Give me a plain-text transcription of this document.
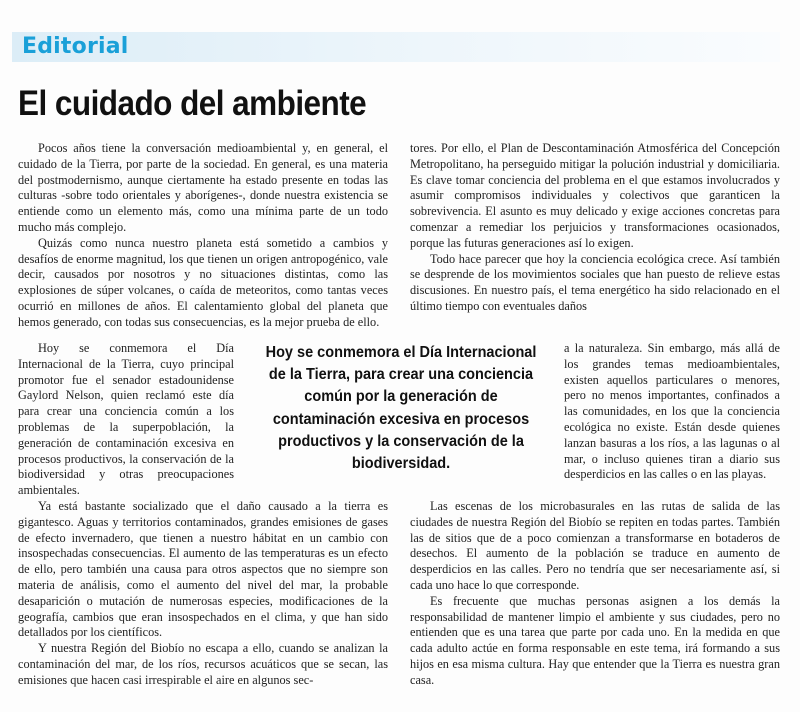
Editorial
El cuidado del ambiente

Pocos años tiene la conversación medioambiental y, en general, el cuidado de la Tierra, por parte de la sociedad. En general, es una materia del postmodernismo, aunque ciertamente ha estado presente en todas las culturas -sobre todo orientales y aborígenes-, donde nuestra existencia se entiende como un elemento más, como una mínima parte de un todo mucho más complejo.

Quizás como nunca nuestro planeta está sometido a cambios y desafíos de enorme magnitud, los que tienen un origen antropogénico, vale decir, causados por nosotros y no situaciones distintas, como las explosiones de súper volcanes, o caída de meteoritos, como tantas veces ocurrió en millones de años. El calentamiento global del planeta que hemos generado, con todas sus consecuencias, es la mejor prueba de ello.

tores. Por ello, el Plan de Descontaminación Atmosférica del Concepción Metropolitano, ha perseguido mitigar la polución industrial y domiciliaria. Es clave tomar conciencia del problema en el que estamos involucrados y asumir compromisos individuales y colectivos que garanticen la sobrevivencia. El asunto es muy delicado y exige acciones concretas para comenzar a remediar los perjuicios y transformaciones ocasionados, porque las futuras generaciones así lo exigen.

Todo hace parecer que hoy la conciencia ecológica crece. Así también se desprende de los movimientos sociales que han puesto de relieve estas discusiones. En nuestro país, el tema energético ha sido relacionado en el último tiempo con eventuales daños

Hoy se conmemora el Día Internacional de la Tierra, cuyo principal promotor fue el senador estadounidense Gaylord Nelson, quien reclamó este día para crear una conciencia común a los problemas de la superpoblación, la generación de contaminación excesiva en procesos productivos, la conservación de la biodiversidad y otras preocupaciones ambientales.

Hoy se conmemora el Día Internacional de la Tierra, para crear una conciencia común por la generación de contaminación excesiva en procesos productivos y la conservación de la biodiversidad.

a la naturaleza. Sin embargo, más allá de los grandes temas medioambientales, existen aquellos particulares o menores, pero no menos importantes, confinados a las comunidades, en los que la conciencia ecológica no existe. Están desde quienes lanzan basuras a los ríos, a las lagunas o al mar, o incluso quienes tiran a diario sus desperdicios en las calles o en las playas.

Ya está bastante socializado que el daño causado a la tierra es gigantesco. Aguas y territorios contaminados, grandes emisiones de gases de efecto invernadero, que tienen a nuestro hábitat en un cambio con insospechadas consecuencias. El aumento de las temperaturas es un efecto de ello, pero también una causa para otros aspectos que no siempre son materia de análisis, como el aumento del nivel del mar, la probable desaparición o mutación de numerosas especies, modificaciones de la geografía, cambios que eran insospechados en el clima, y que han sido detallados por los científicos.

Y nuestra Región del Biobío no escapa a ello, cuando se analizan la contaminación del mar, de los ríos, recursos acuáticos que se secan, las emisiones que hacen casi irrespirable el aire en algunos sec-

Las escenas de los microbasurales en las rutas de salida de las ciudades de nuestra Región del Biobío se repiten en todas partes. También las de sitios que de a poco comienzan a transformarse en botaderos de desechos. El aumento de la población se traduce en aumento de desperdicios en las calles. Pero no tendría que ser necesariamente así, si cada uno hace lo que corresponde.

Es frecuente que muchas personas asignen a los demás la responsabilidad de mantener limpio el ambiente y sus ciudades, pero no entienden que es una tarea que parte por cada uno. En la medida en que cada adulto actúe en forma responsable en este tema, irá formando a sus hijos en esa misma cultura. Hay que entender que la Tierra es nuestra gran casa.
